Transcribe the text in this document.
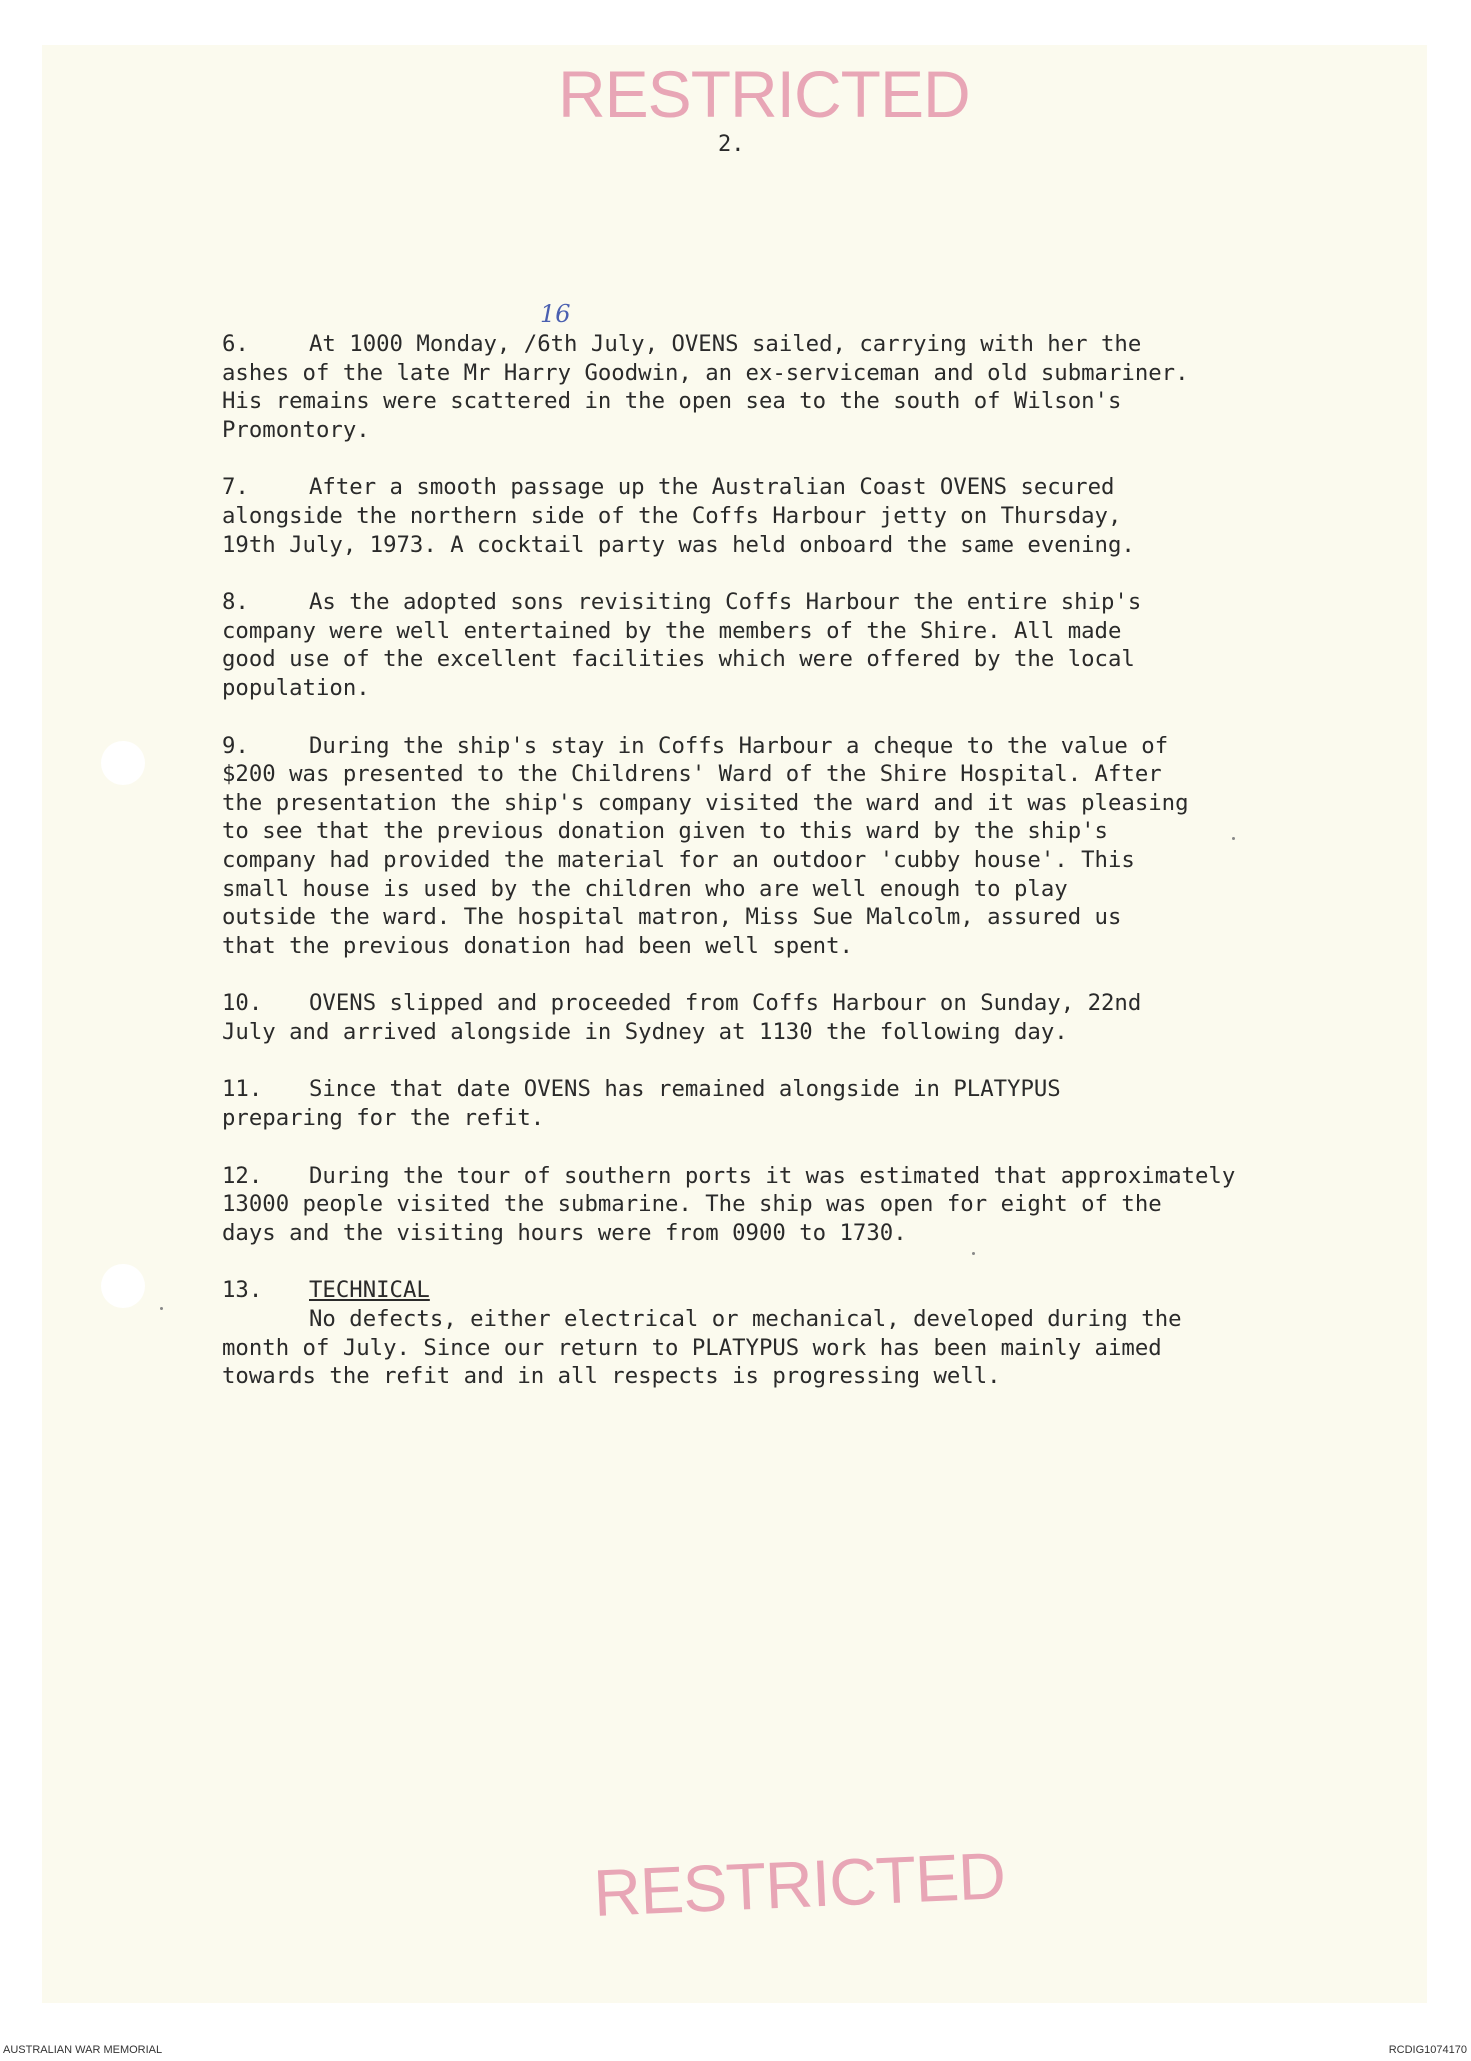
RESTRICTED
2.
16
6.	At 1000 Monday, /6th July, OVENS sailed, carrying with her the
ashes of the late Mr Harry Goodwin, an ex-serviceman and old submariner.
His remains were scattered in the open sea to the south of Wilson's
Promontory.
7.	After a smooth passage up the Australian Coast OVENS secured
alongside the northern side of the Coffs Harbour jetty on Thursday,
19th July, 1973. A cocktail party was held onboard the same evening.
8.	As the adopted sons revisiting Coffs Harbour the entire ship's
company were well entertained by the members of the Shire. All made
good use of the excellent facilities which were offered by the local
population.
9.	During the ship's stay in Coffs Harbour a cheque to the value of
$200 was presented to the Childrens' Ward of the Shire Hospital. After
the presentation the ship's company visited the ward and it was pleasing
to see that the previous donation given to this ward by the ship's
company had provided the material for an outdoor 'cubby house'. This
small house is used by the children who are well enough to play
outside the ward. The hospital matron, Miss Sue Malcolm, assured us
that the previous donation had been well spent.
10. OVENS slipped and proceeded from Coffs Harbour on Sunday, 22nd
July and arrived alongside in Sydney at 1130 the following day.
11. Since that date OVENS has remained alongside in PLATYPUS
preparing for the refit.
12. During the tour of southern ports it was estimated that approximately
13000 people visited the submarine. The ship was open for eight of the
days and the visiting hours were from 0900 to 1730.
13. TECHNICAL
No defects, either electrical or mechanical, developed during the
month of July. Since our return to PLATYPUS work has been mainly aimed
towards the refit and in all respects is progressing well.
RESTRICTED
AUSTRALIAN WAR MEMORIAL	RCDIG1074170
